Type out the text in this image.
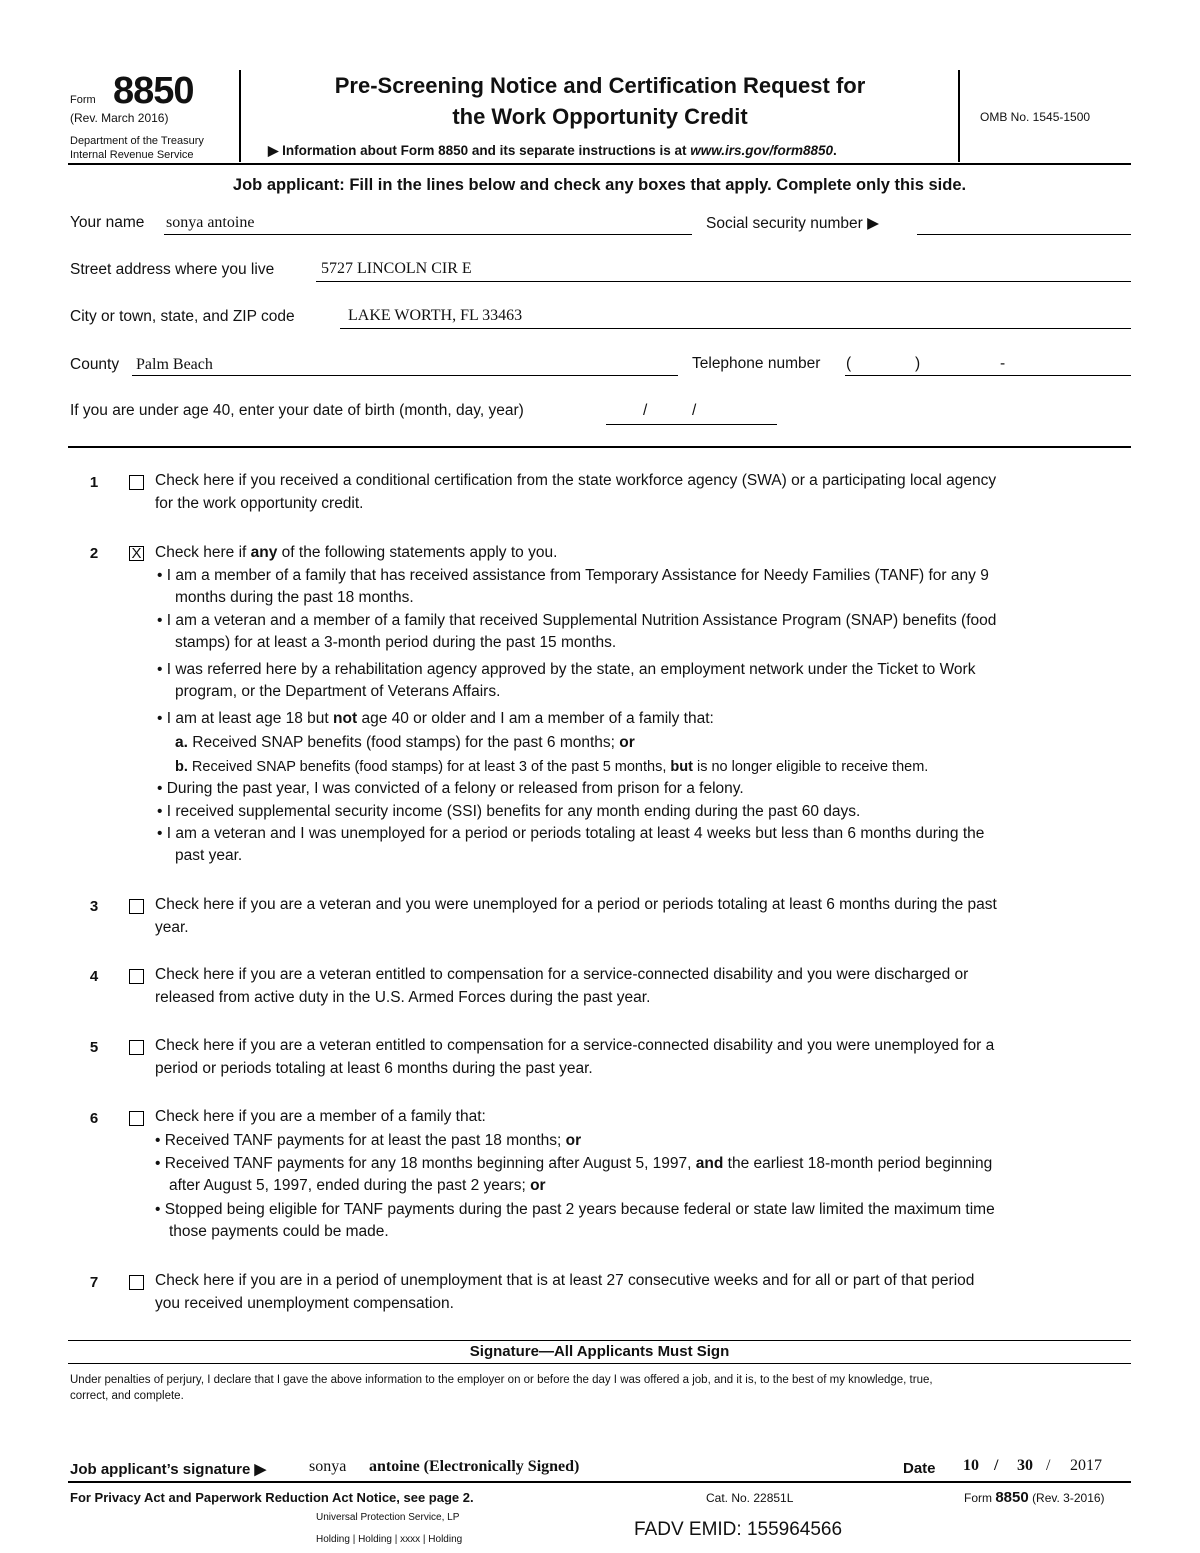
Form 8850
(Rev. March 2016)
Department of the Treasury
Internal Revenue Service
Pre-Screening Notice and Certification Request for
the Work Opportunity Credit
▶ Information about Form 8850 and its separate instructions is at www.irs.gov/form8850.
OMB No. 1545-1500
Job applicant: Fill in the lines below and check any boxes that apply. Complete only this side.
Your name sonya antoine	Social security number ▶
Street address where you live	5727 LINCOLN CIR E
City or town, state, and ZIP code	LAKE WORTH, FL 33463
County Palm Beach	Telephone number (	)	-
If you are under age 40, enter your date of birth (month, day, year)	/	/
1	Check here if you received a conditional certification from the state workforce agency (SWA) or a participating local agency
for the work opportunity credit.
2	X Check here if any of the following statements apply to you.
• I am a member of a family that has received assistance from Temporary Assistance for Needy Families (TANF) for any 9
months during the past 18 months.
• I am a veteran and a member of a family that received Supplemental Nutrition Assistance Program (SNAP) benefits (food
stamps) for at least a 3-month period during the past 15 months.
• I was referred here by a rehabilitation agency approved by the state, an employment network under the Ticket to Work
program, or the Department of Veterans Affairs.
• I am at least age 18 but not age 40 or older and I am a member of a family that:
a. Received SNAP benefits (food stamps) for the past 6 months; or
b. Received SNAP benefits (food stamps) for at least 3 of the past 5 months, but is no longer eligible to receive them.
• During the past year, I was convicted of a felony or released from prison for a felony.
• I received supplemental security income (SSI) benefits for any month ending during the past 60 days.
• I am a veteran and I was unemployed for a period or periods totaling at least 4 weeks but less than 6 months during the
past year.
3	Check here if you are a veteran and you were unemployed for a period or periods totaling at least 6 months during the past
year.
4	Check here if you are a veteran entitled to compensation for a service-connected disability and you were discharged or
released from active duty in the U.S. Armed Forces during the past year.
5	Check here if you are a veteran entitled to compensation for a service-connected disability and you were unemployed for a
period or periods totaling at least 6 months during the past year.
6	Check here if you are a member of a family that:
• Received TANF payments for at least the past 18 months; or
• Received TANF payments for any 18 months beginning after August 5, 1997, and the earliest 18-month period beginning
after August 5, 1997, ended during the past 2 years; or
• Stopped being eligible for TANF payments during the past 2 years because federal or state law limited the maximum time
those payments could be made.
7	Check here if you are in a period of unemployment that is at least 27 consecutive weeks and for all or part of that period
you received unemployment compensation.
Signature—All Applicants Must Sign
Under penalties of perjury, I declare that I gave the above information to the employer on or before the day I was offered a job, and it is, to the best of my knowledge, true,
correct, and complete.
Job applicant’s signature ▶	sonya antoine (Electronically Signed)	Date 10 / 30 / 2017
For Privacy Act and Paperwork Reduction Act Notice, see page 2.	Cat. No. 22851L	Form 8850 (Rev. 3-2016)
Universal Protection Service, LP
Holding | Holding | xxxx | Holding	FADV EMID: 155964566
